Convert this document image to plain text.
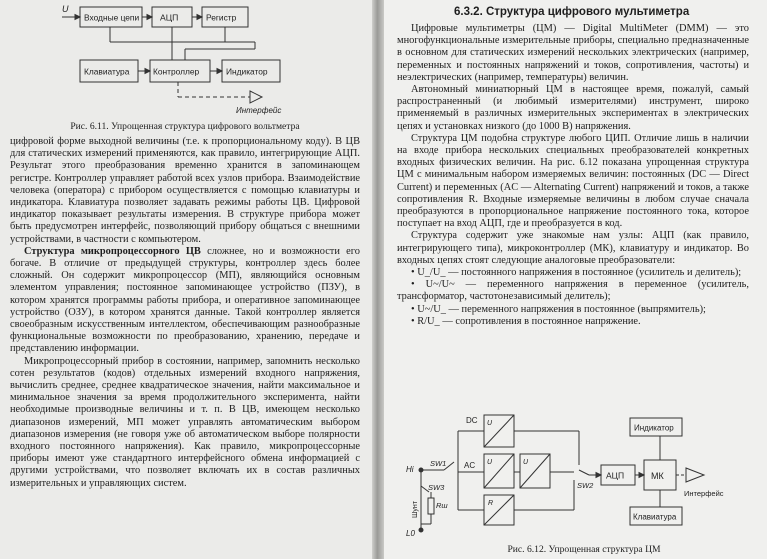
U
Входные цепи АЦП	Регистр
Клавиатура	Контроллер	Индикатор
Интерфейс

Рис. 6.11. Упрощенная структура цифрового вольтметра

цифровой форме выходной величины (т.е. к пропорциональному коду). В ЦВ для статических измерений применяются, как правило, интегрирующие АЦП. Результат этого преобразования временно хранится в запоминающем регистре. Контроллер управляет работой всех узлов прибора. Взаимодействие человека (оператора) с прибором осуществляется с помощью клавиатуры и индикатора. Клавиатура позволяет задавать режимы работы ЦВ. Цифровой индикатор показывает результаты измерения. В структуре прибора может быть предусмотрен интерфейс, позволяющий прибору общаться с внешними устройствами, в частности с компьютером.

Структура микропроцессорного ЦВ сложнее, но и возможности его богаче. В отличие от предыдущей структуры, контроллер здесь более сложный. Он содержит микропроцессор (МП), являющийся основным элементом управления; постоянное запоминающее устройство (ПЗУ), в котором хранятся программы работы прибора, и оперативное запоминающее устройство (ОЗУ), в котором хранятся данные. Такой контроллер является своеобразным искусственным интеллектом, обеспечивающим разнообразные функциональные возможности по преобразованию, хранению, передаче и представлению информации.

Микропроцессорный прибор в состоянии, например, запомнить несколько сотен результатов (кодов) отдельных измерений входного напряжения, вычислить среднее, среднее квадратическое значения, найти максимальное и минимальное значения за время продолжительного эксперимента, найти необходимые производные величины и т. п. В ЦВ, имеющем несколько диапазонов измерений, МП может управлять автоматическим выбором диапазонов измерения (не говоря уже об автоматическом выборе полярности входного постоянного напряжения). Как правило, микропроцессорные приборы имеют уже стандартного интерфейсного обмена информацией с другими устройствами, что позволяет включать их в состав различных измерительных и управляющих систем.

6.3.2. Структура цифрового мультиметра

Цифровые мультиметры (ЦМ) — Digital MultiMeter (DMM) — это многофункциональные измерительные приборы, специально предназначенные в основном для статических измерений нескольких электрических (например, переменных и постоянных напряжений и токов, сопротивления, частоты) и неэлектрических (например, температуры) величин.

Автономный миниатюрный ЦМ в настоящее время, пожалуй, самый распространенный (и любимый измерителями) инструмент, широко применяемый в различных измерительных экспериментах в электрических цепях и установках низкого (до 1000 В) напряжения.

Структура ЦМ подобна структуре любого ЦИП. Отличие лишь в наличии на входе прибора нескольких специальных преобразователей конкретных входных физических величин. На рис. 6.12 показана упрощенная структура ЦМ с минимальным набором измеряемых величин: постоянных (DC — Direct Current) и переменных (AC — Alternating Current) напряжений и токов, а также сопротивления R. Входные измеряемые величины в любом случае сначала преобразуются в пропорциональное напряжение постоянного тока, которое поступает на вход АЦП, где и преобразуется в код.

Структура содержит уже знакомые нам узлы: АЦП (как правило, интегрирующего типа), микроконтроллер (МК), клавиатуру и индикатор. Во входных цепях стоят следующие аналоговые преобразователи:

• U_/U_ — постоянного напряжения в постоянное (усилитель и делитель);

• U~/U~ — переменного напряжения в переменное (усилитель, трансформатор, частотонезависимый делитель);

• U~/U_ — переменного напряжения в постоянное (выпрямитель);

• R/U_ — сопротивления в постоянное напряжение.

DC
AC
Hi
L0
SW1
SW2
SW3
Шунт Rш
АЦП	МК
Индикатор
Клавиатура
Интерфейс
U
U	U
R

Рис. 6.12. Упрощенная структура ЦМ
